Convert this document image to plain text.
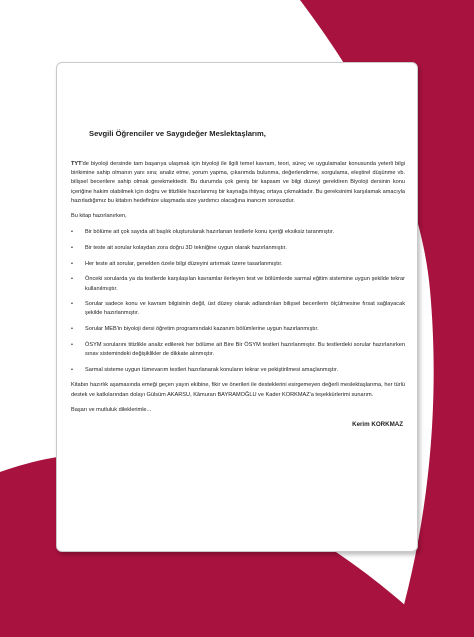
Sevgili Öğrenciler ve Saygıdeğer Meslektaşlarım,

TYT'de biyoloji dersinde tam başarıya ulaşmak için biyoloji ile ilgili temel kavram, teori, süreç ve uygulamalar konusunda yeterli bilgi birikimine sahip olmanın yanı sıra; analiz etme, yorum yapma, çıkarımda bulunma, değerlendirme, sorgulama, eleştirel düşünme vb. bilişsel becerilere sahip olmak gerekmektedir. Bu durumda çok geniş bir kapsam ve bilgi düzeyi gerektiren Biyoloji dersinin konu içeriğine hakim olabilmek için doğru ve titizlikle hazırlanmış bir kaynağa ihtiyaç ortaya çıkmaktadır. Bu gereksinimi karşılamak amacıyla hazırladığımız bu kitabın hedefinize ulaşmada size yardımcı olacağına inancım sonsuzdur.

Bu kitap hazırlanırken,

• Bir bölüme ait çok sayıda alt başlık oluşturularak hazırlanan testlerle konu içeriği eksiksiz taranmıştır.
• Bir teste ait sorular kolaydan zora doğru 3D tekniğine uygun olarak hazırlanmıştır.
• Her teste ait sorular, genelden özele bilgi düzeyini artırmak üzere tasarlanmıştır.
• Önceki sorularda ya da testlerde karşılaşılan kavramlar ilerleyen test ve bölümlerde sarmal eğitim sistemine uygun şekilde tekrar kullanılmıştır.
• Sorular sadece konu ve kavram bilgisinin değil, üst düzey olarak adlandırılan bilişsel becerilerin ölçülmesine fırsat sağlayacak şekilde hazırlanmıştır.
• Sorular MEB'in biyoloji dersi öğretim programındaki kazanım bölümlerine uygun hazırlanmıştır.
• ÖSYM sorularını titizlikle analiz edilerek her bölüme ait Bire Bir ÖSYM testleri hazırlanmıştır. Bu testlerdeki sorular hazırlanırken sınav sistemindeki değişiklikler de dikkate alınmıştır.
• Sarmal sisteme uygun tümevarım testleri hazırlanarak konuların tekrar ve pekiştirilmesi amaçlanmıştır.

Kitabın hazırlık aşamasında emeği geçen yayın ekibine, fikir ve önerileri ile desteklerini esirgemeyen değerli meslektaşlarıma, her türlü destek ve katkılarından dolayı Gülsüm AKARSU, Kâmuran BAYRAMOĞLU ve Kader KORKMAZ'a teşekkürlerimi sunarım.

Başarı ve mutluluk dileklerimle...

Kerim KORKMAZ
